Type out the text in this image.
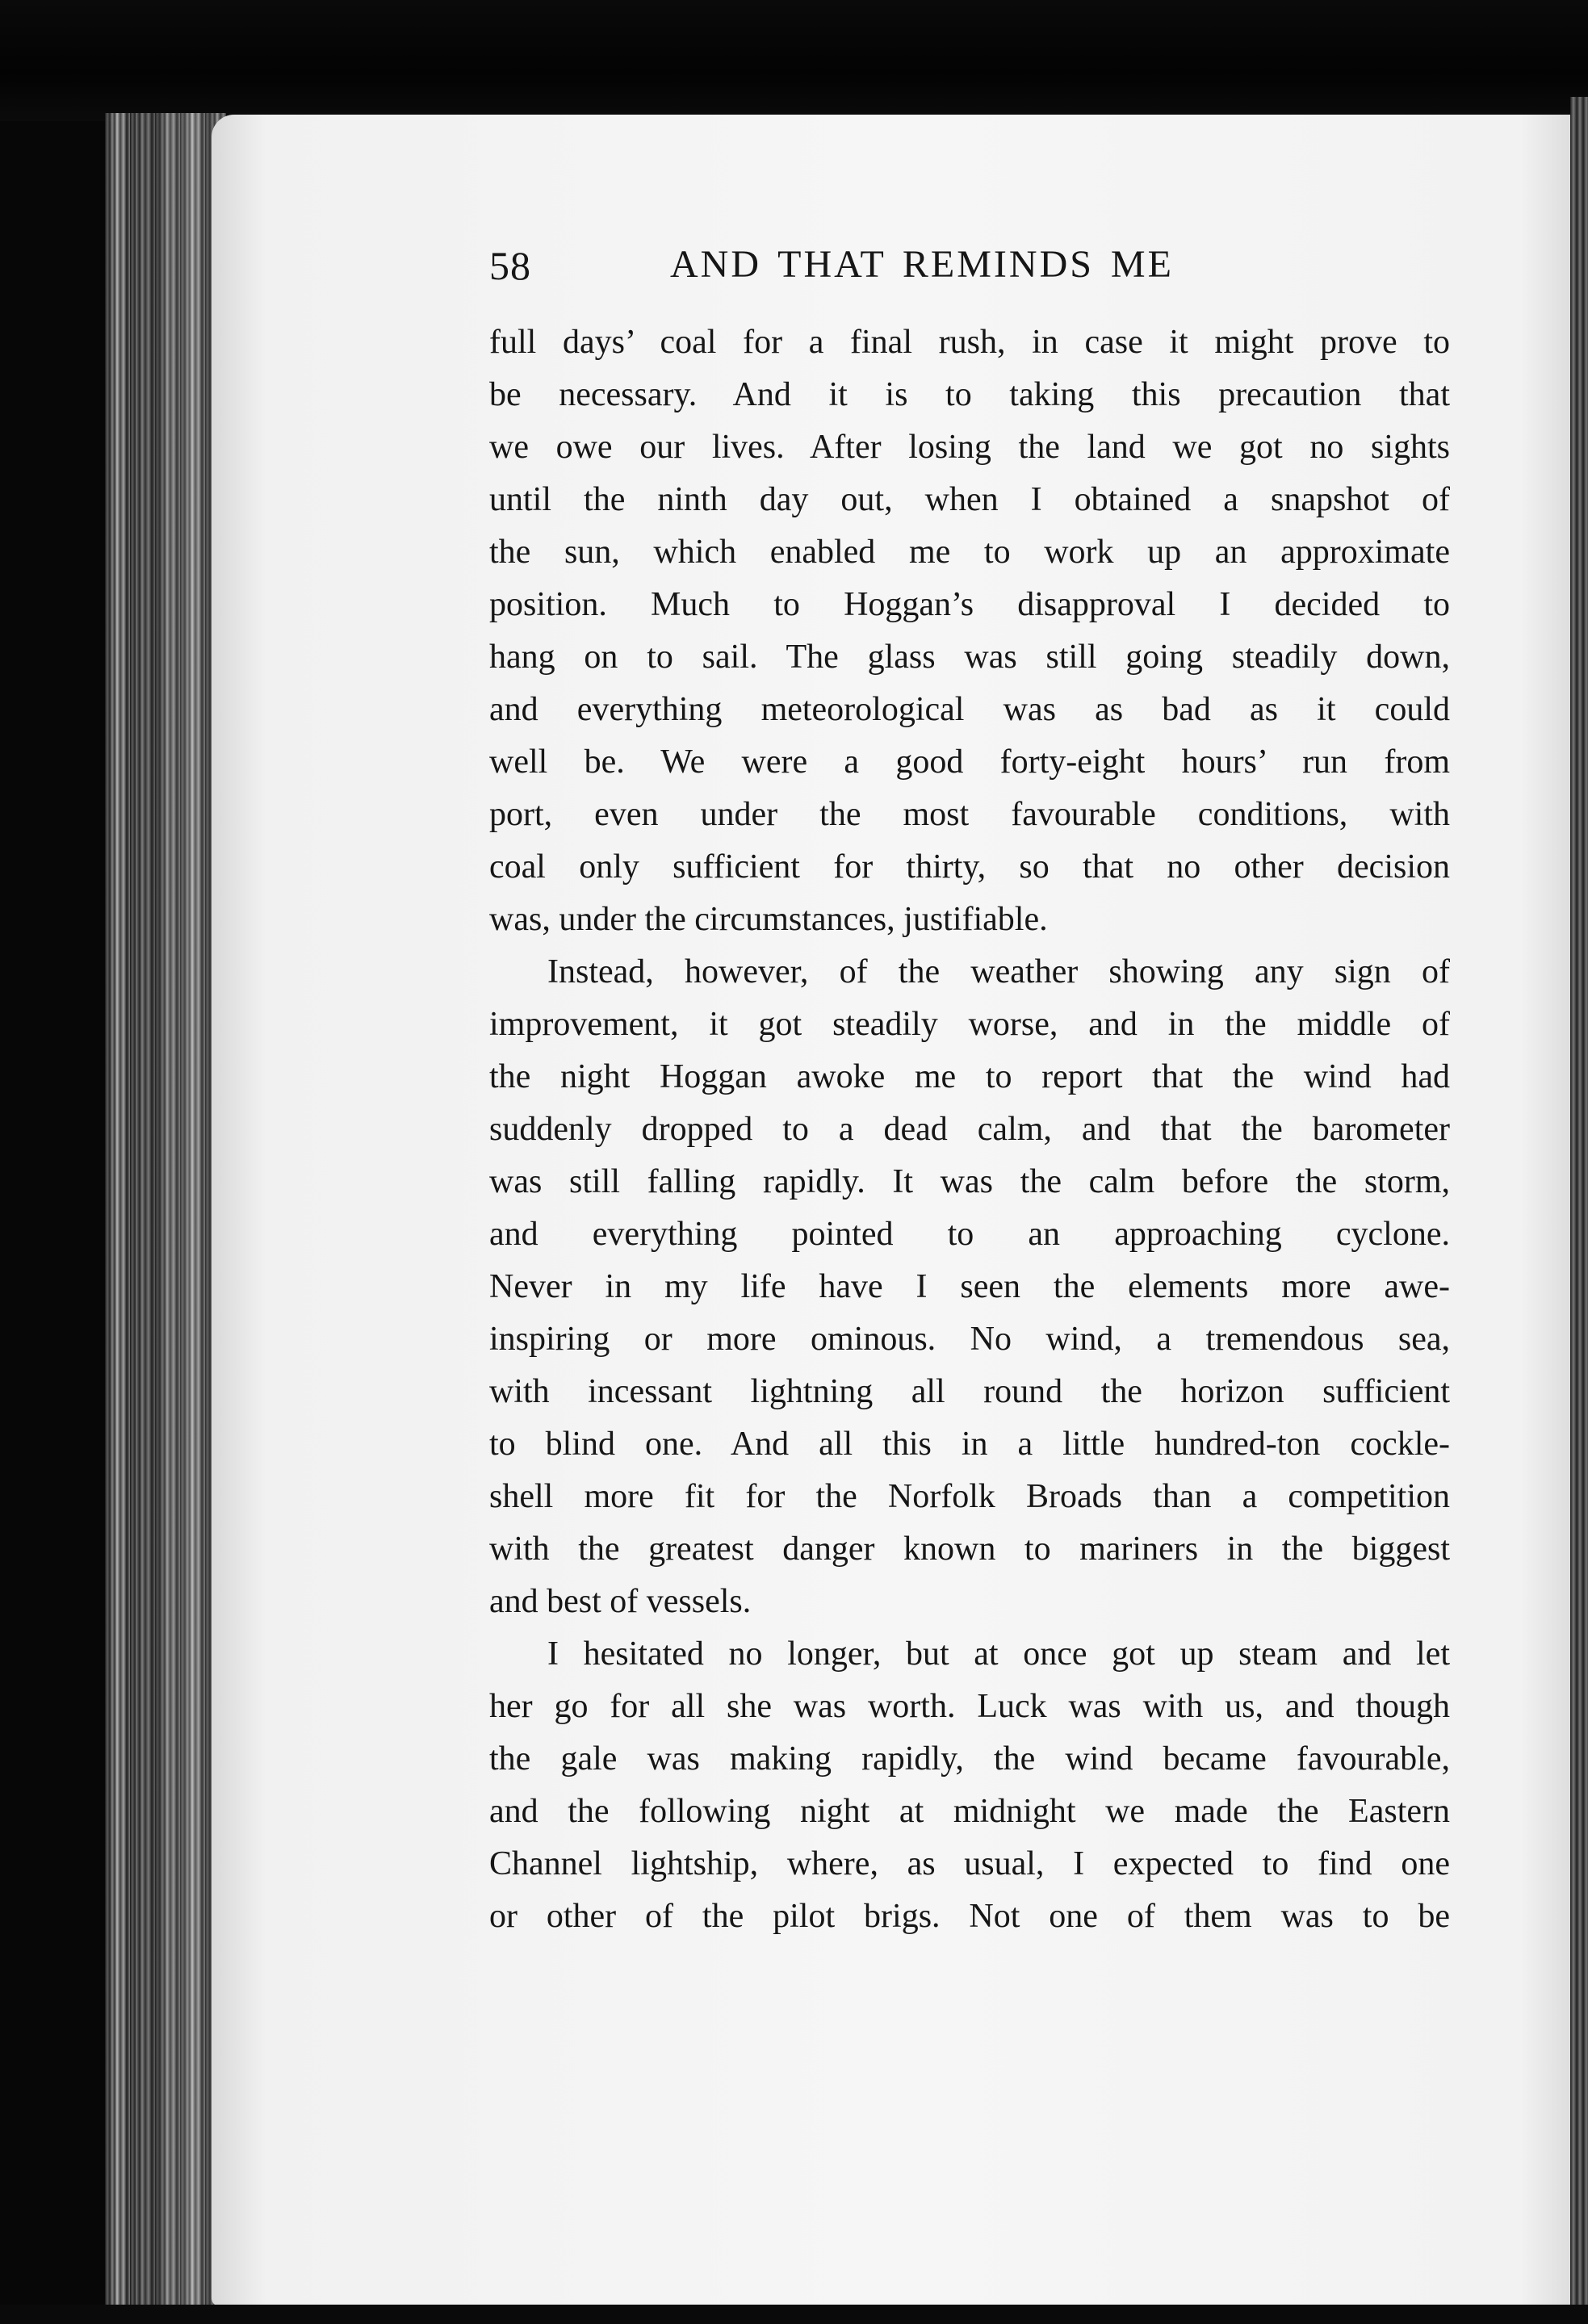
58	AND THAT REMINDS ME

full days’ coal for a final rush, in case it might prove to
be necessary. And it is to taking this precaution that
we owe our lives. After losing the land we got no sights
until the ninth day out, when I obtained a snapshot of
the sun, which enabled me to work up an approximate
position. Much to Hoggan’s disapproval I decided to
hang on to sail. The glass was still going steadily down,
and everything meteorological was as bad as it could
well be. We were a good forty-eight hours’ run from
port, even under the most favourable conditions, with
coal only sufficient for thirty, so that no other decision
was, under the circumstances, justifiable.

Instead, however, of the weather showing any sign of
improvement, it got steadily worse, and in the middle of
the night Hoggan awoke me to report that the wind had
suddenly dropped to a dead calm, and that the barometer
was still falling rapidly. It was the calm before the storm,
and everything pointed to an approaching cyclone.
Never in my life have I seen the elements more awe-
inspiring or more ominous. No wind, a tremendous sea,
with incessant lightning all round the horizon sufficient
to blind one. And all this in a little hundred-ton cockle-
shell more fit for the Norfolk Broads than a competition
with the greatest danger known to mariners in the biggest
and best of vessels.

I hesitated no longer, but at once got up steam and let
her go for all she was worth. Luck was with us, and though
the gale was making rapidly, the wind became favourable,
and the following night at midnight we made the Eastern
Channel lightship, where, as usual, I expected to find one
or other of the pilot brigs. Not one of them was to be
